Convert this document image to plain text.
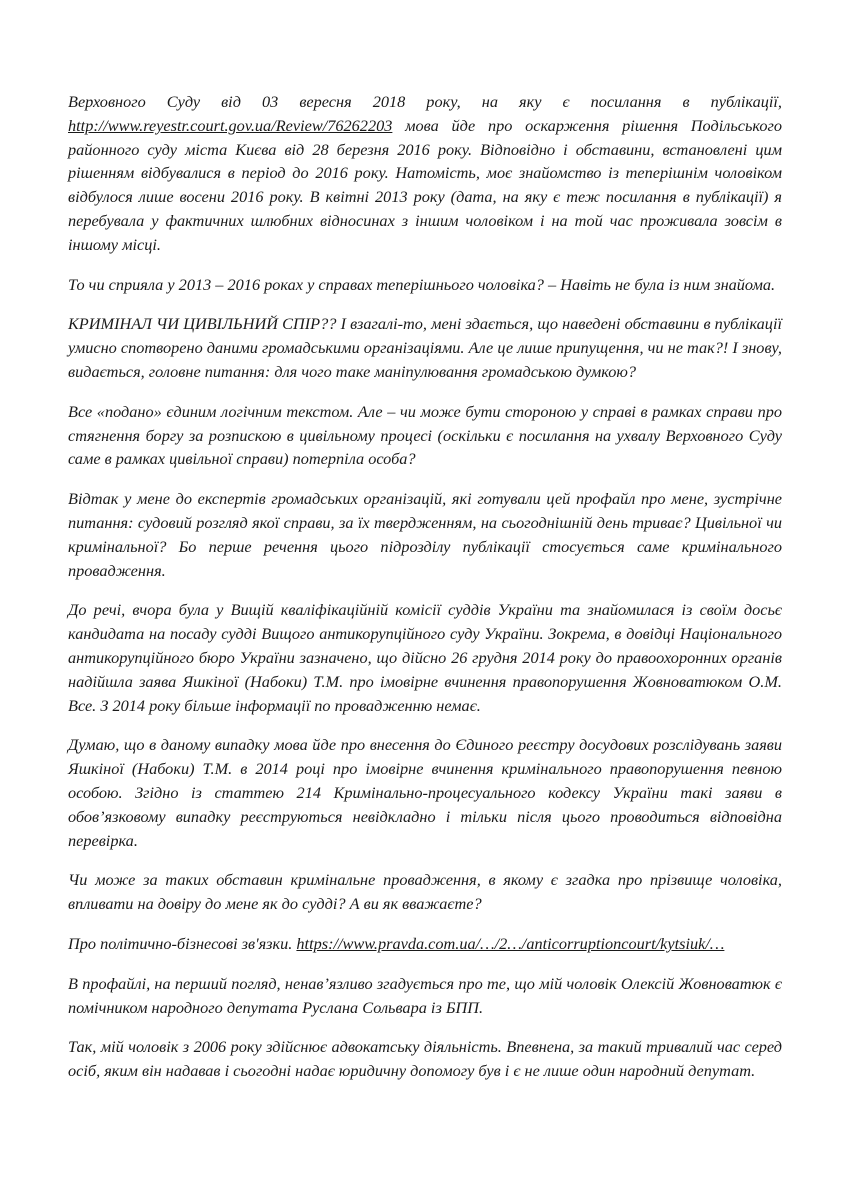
Верховного Суду від 03 вересня 2018 року, на яку є посилання в публікації, http://www.reyestr.court.gov.ua/Review/76262203 мова йде про оскарження рішення Подільського районного суду міста Києва від 28 березня 2016 року. Відповідно і обставини, встановлені цим рішенням відбувалися в період до 2016 року. Натомість, моє знайомство із теперішнім чоловіком відбулося лише восени 2016 року. В квітні 2013 року (дата, на яку є теж посилання в публікації) я перебувала у фактичних шлюбних відносинах з іншим чоловіком і на той час проживала зовсім в іншому місці.

То чи сприяла у 2013 – 2016 роках у справах теперішнього чоловіка? – Навіть не була із ним знайома.

КРИМІНАЛ ЧИ ЦИВІЛЬНИЙ СПІР?? І взагалі-то, мені здається, що наведені обставини в публікації умисно спотворено даними громадськими організаціями. Але це лише припущення, чи не так?! І знову, видається, головне питання: для чого таке маніпулювання громадською думкою?

Все «подано» єдиним логічним текстом. Але – чи може бути стороною у справі в рамках справи про стягнення боргу за розпискою в цивільному процесі (оскільки є посилання на ухвалу Верховного Суду саме в рамках цивільної справи) потерпіла особа?

Відтак у мене до експертів громадських організацій, які готували цей профайл про мене, зустрічне питання: судовий розгляд якої справи, за їх твердженням, на сьогоднішній день триває? Цивільної чи кримінальної? Бо перше речення цього підрозділу публікації стосується саме кримінального провадження.

До речі, вчора була у Вищій кваліфікаційній комісії суддів України та знайомилася із своїм досьє кандидата на посаду судді Вищого антикорупційного суду України. Зокрема, в довідці Національного антикорупційного бюро України зазначено, що дійсно 26 грудня 2014 року до правоохоронних органів надійшла заява Яшкіної (Набоки) Т.М. про імовірне вчинення правопорушення Жовноватюком О.М. Все. З 2014 року більше інформації по провадженню немає.

Думаю, що в даному випадку мова йде про внесення до Єдиного реєстру досудових розслідувань заяви Яшкіної (Набоки) Т.М. в 2014 році про імовірне вчинення кримінального правопорушення певною особою. Згідно із статтею 214 Кримінально-процесуального кодексу України такі заяви в обов’язковому випадку реєструються невідкладно і тільки після цього проводиться відповідна перевірка.

Чи може за таких обставин кримінальне провадження, в якому є згадка про прізвище чоловіка, впливати на довіру до мене як до судді? А ви як вважаєте?

Про політично-бізнесові зв'язки. https://www.pravda.com.ua/…/2…/anticorruptioncourt/kytsiuk/…

В профайлі, на перший погляд, ненав’язливо згадується про те, що мій чоловік Олексій Жовноватюк є помічником народного депутата Руслана Сольвара із БПП.

Так, мій чоловік з 2006 року здійснює адвокатську діяльність. Впевнена, за такий тривалий час серед осіб, яким він надавав і сьогодні надає юридичну допомогу був і є не лише один народний депутат.
